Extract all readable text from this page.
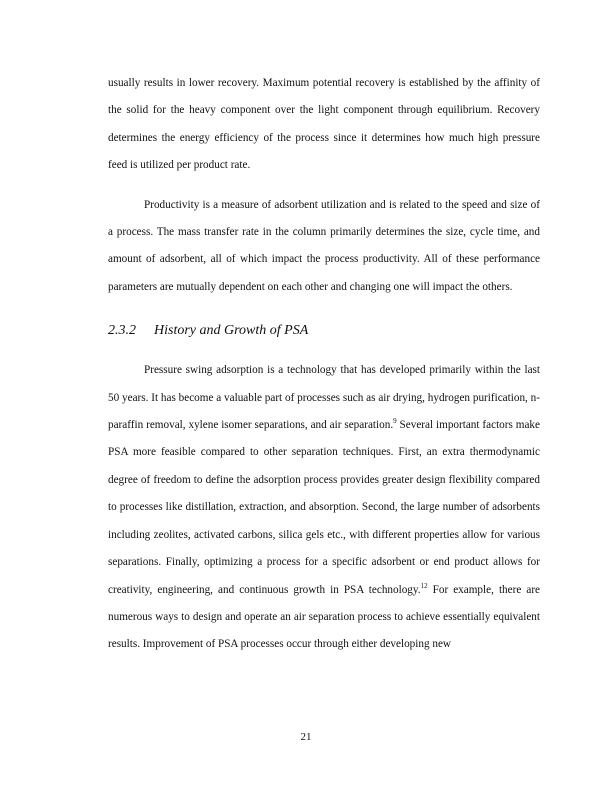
usually results in lower recovery. Maximum potential recovery is established by the affinity of the solid for the heavy component over the light component through equilibrium. Recovery determines the energy efficiency of the process since it determines how much high pressure feed is utilized per product rate.

Productivity is a measure of adsorbent utilization and is related to the speed and size of a process. The mass transfer rate in the column primarily determines the size, cycle time, and amount of adsorbent, all of which impact the process productivity. All of these performance parameters are mutually dependent on each other and changing one will impact the others.

2.3.2 History and Growth of PSA

Pressure swing adsorption is a technology that has developed primarily within the last 50 years. It has become a valuable part of processes such as air drying, hydrogen purification, n-paraffin removal, xylene isomer separations, and air separation.$^9$ Several important factors make PSA more feasible compared to other separation techniques. First, an extra thermodynamic degree of freedom to define the adsorption process provides greater design flexibility compared to processes like distillation, extraction, and absorption. Second, the large number of adsorbents including zeolites, activated carbons, silica gels etc., with different properties allow for various separations. Finally, optimizing a process for a specific adsorbent or end product allows for creativity, engineering, and continuous growth in PSA technology.$^{12}$ For example, there are numerous ways to design and operate an air separation process to achieve essentially equivalent results. Improvement of PSA processes occur through either developing new

21
